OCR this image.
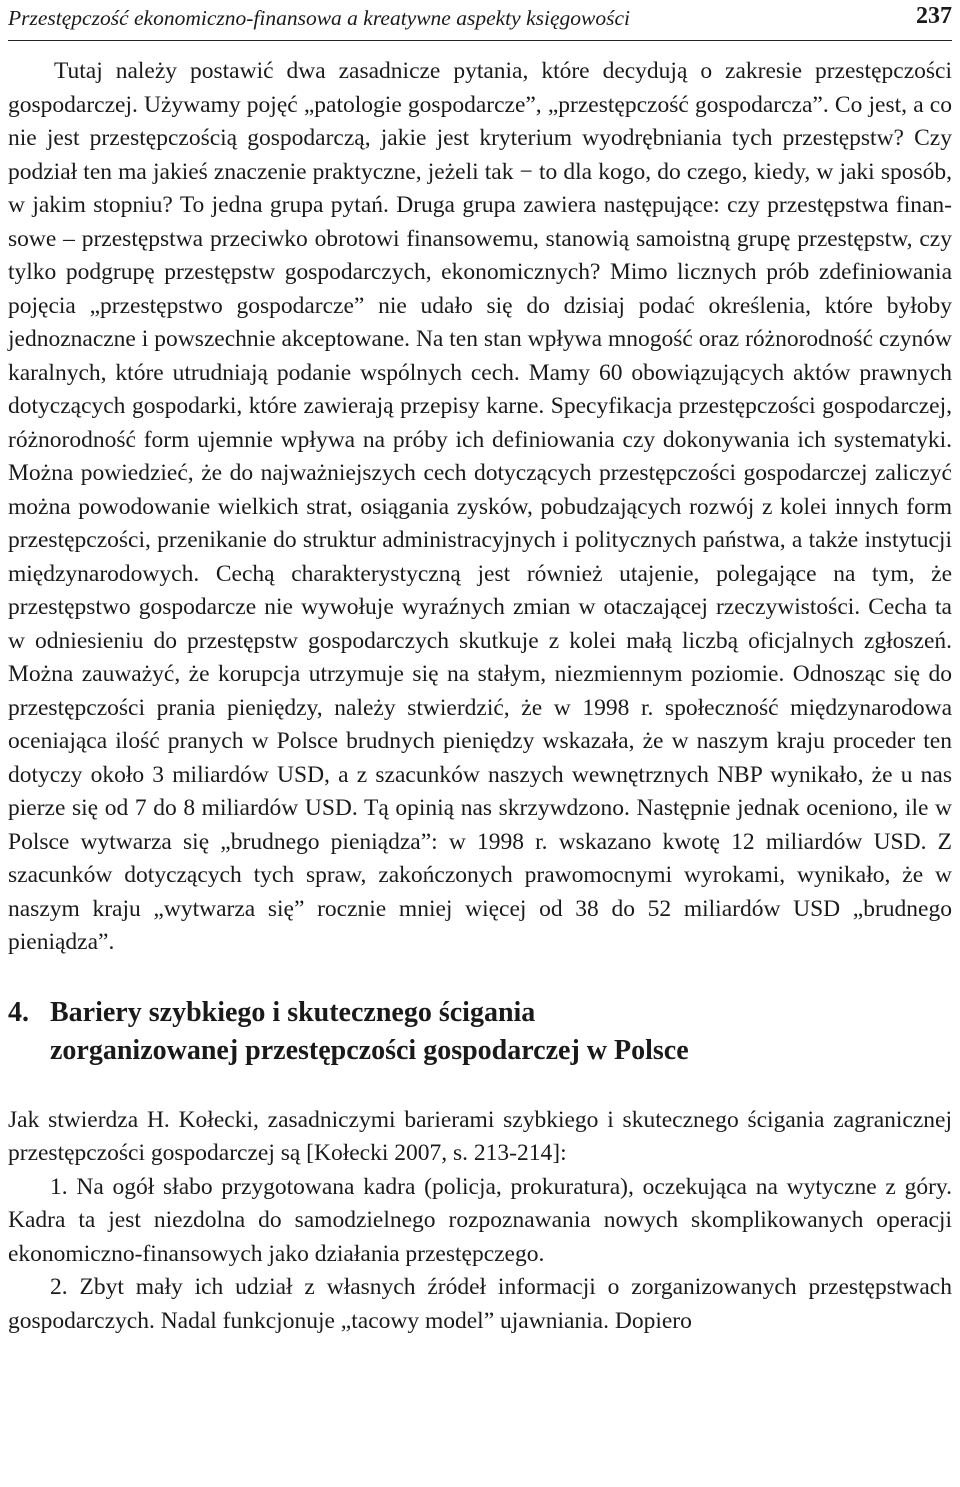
Przestępczość ekonomiczno-finansowa a kreatywne aspekty księgowości	237

Tutaj należy postawić dwa zasadnicze pytania, które decydują o zakresie przestępczości gospodarczej. Używamy pojęć „patologie gospodarcze”, „przestępczość gospodarcza”. Co jest, a co nie jest przestępczością gospodarczą, jakie jest kryterium wyodrębniania tych przestępstw? Czy podział ten ma jakieś znaczenie praktyczne, jeżeli tak − to dla kogo, do czego, kiedy, w jaki sposób, w jakim stopniu? To jedna grupa pytań. Druga grupa zawiera następujące: czy przestępstwa finansowe – przestępstwa przeciwko obrotowi finansowemu, stanowią samoistną grupę przestępstw, czy tylko podgrupę przestępstw gospodarczych, ekonomicznych? Mimo licznych prób zdefiniowania pojęcia „przestępstwo gospodarcze” nie udało się do dzisiaj podać określenia, które byłoby jednoznaczne i powszechnie akceptowane. Na ten stan wpływa mnogość oraz różnorodność czynów karalnych, które utrudniają podanie wspólnych cech. Mamy 60 obowiązujących aktów prawnych dotyczących gospodarki, które zawierają przepisy karne. Specyfikacja przestępczości gospodarczej, różnorodność form ujemnie wpływa na próby ich definiowania czy dokonywania ich systematyki. Można powiedzieć, że do najważniejszych cech dotyczących przestępczości gospodarczej zaliczyć można powodowanie wielkich strat, osiągania zysków, pobudzających rozwój z kolei innych form przestępczości, przenikanie do struktur administracyjnych i politycznych państwa, a także instytucji międzynarodowych. Cechą charakterystyczną jest również utajenie, polegające na tym, że przestępstwo gospodarcze nie wywołuje wyraźnych zmian w otaczającej rzeczywistości. Cecha ta w odniesieniu do przestępstw gospodarczych skutkuje z kolei małą liczbą oficjalnych zgłoszeń. Można zauważyć, że korupcja utrzymuje się na stałym, niezmiennym poziomie. Odnosząc się do przestępczości prania pieniędzy, należy stwierdzić, że w 1998 r. społeczność międzynarodowa oceniająca ilość pranych w Polsce brudnych pieniędzy wskazała, że w naszym kraju proceder ten dotyczy około 3 miliardów USD, a z szacunków naszych wewnętrznych NBP wynikało, że u nas pierze się od 7 do 8 miliardów USD. Tą opinią nas skrzywdzono. Następnie jednak oceniono, ile w Polsce wytwarza się „brudnego pieniądza”: w 1998 r. wskazano kwotę 12 miliardów USD. Z szacunków dotyczących tych spraw, zakończonych prawomocnymi wyrokami, wynikało, że w naszym kraju „wytwarza się” rocznie mniej więcej od 38 do 52 miliardów USD „brudnego pieniądza”.

4. Bariery szybkiego i skutecznego ścigania
zorganizowanej przestępczości gospodarczej w Polsce

Jak stwierdza H. Kołecki, zasadniczymi barierami szybkiego i skutecznego ścigania zagranicznej przestępczości gospodarczej są [Kołecki 2007, s. 213-214]:

1. Na ogół słabo przygotowana kadra (policja, prokuratura), oczekująca na wytyczne z góry. Kadra ta jest niezdolna do samodzielnego rozpoznawania nowych skomplikowanych operacji ekonomiczno-finansowych jako działania przestępczego.

2. Zbyt mały ich udział z własnych źródeł informacji o zorganizowanych przestępstwach gospodarczych. Nadal funkcjonuje „tacowy model” ujawniania. Dopiero
